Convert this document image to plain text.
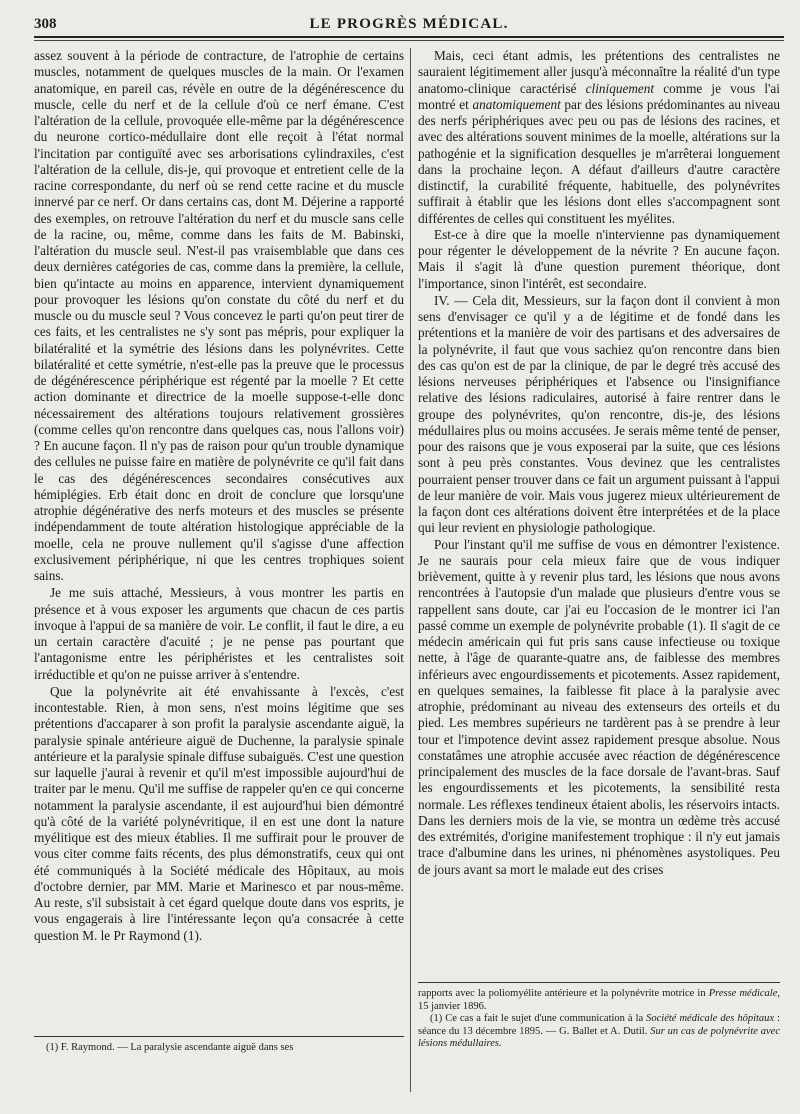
308	LE PROGRÈS MÉDICAL.

assez souvent à la période de contracture, de l'atrophie de certains muscles, notamment de quelques muscles de la main. Or l'examen anatomique, en pareil cas, révèle en outre de la dégénérescence du muscle, celle du nerf et de la cellule d'où ce nerf émane. C'est l'altération de la cellule, provoquée elle-même par la dégénérescence du neurone cortico-médullaire dont elle reçoit à l'état normal l'incitation par contiguïté avec ses arborisations cylindraxiles, c'est l'altération de la cellule, dis-je, qui provoque et entretient celle de la racine correspondante, du nerf où se rend cette racine et du muscle innervé par ce nerf. Or dans certains cas, dont M. Déjerine a rapporté des exemples, on retrouve l'altération du nerf et du muscle sans celle de la racine, ou, même, comme dans les faits de M. Babinski, l'altération du muscle seul. N'est-il pas vraisemblable que dans ces deux dernières catégories de cas, comme dans la première, la cellule, bien qu'intacte au moins en apparence, intervient dynamiquement pour provoquer les lésions qu'on constate du côté du nerf et du muscle ou du muscle seul ? Vous concevez le parti qu'on peut tirer de ces faits, et les centralistes ne s'y sont pas mépris, pour expliquer la bilatéralité et la symétrie des lésions dans les polynévrites. Cette bilatéralité et cette symétrie, n'est-elle pas la preuve que le processus de dégénérescence périphérique est régenté par la moelle ? Et cette action dominante et directrice de la moelle suppose-t-elle donc nécessairement des altérations toujours relativement grossières (comme celles qu'on rencontre dans quelques cas, nous l'allons voir) ? En aucune façon. Il n'y pas de raison pour qu'un trouble dynamique des cellules ne puisse faire en matière de polynévrite ce qu'il fait dans le cas des dégénérescences secondaires consécutives aux hémiplégies. Erb était donc en droit de conclure que lorsqu'une atrophie dégénérative des nerfs moteurs et des muscles se présente indépendamment de toute altération histologique appréciable de la moelle, cela ne prouve nullement qu'il s'agisse d'une affection exclusivement périphérique, ni que les centres trophiques soient sains.

Je me suis attaché, Messieurs, à vous montrer les partis en présence et à vous exposer les arguments que chacun de ces partis invoque à l'appui de sa manière de voir. Le conflit, il faut le dire, a eu un certain caractère d'acuité ; je ne pense pas pourtant que l'antagonisme entre les périphéristes et les centralistes soit irréductible et qu'on ne puisse arriver à s'entendre.

Que la polynévrite ait été envahissante à l'excès, c'est incontestable. Rien, à mon sens, n'est moins légitime que ses prétentions d'accaparer à son profit la paralysie ascendante aiguë, la paralysie spinale antérieure aiguë de Duchenne, la paralysie spinale antérieure et la paralysie spinale diffuse subaiguës. C'est une question sur laquelle j'aurai à revenir et qu'il m'est impossible aujourd'hui de traiter par le menu. Qu'il me suffise de rappeler qu'en ce qui concerne notamment la paralysie ascendante, il est aujourd'hui bien démontré qu'à côté de la variété polynévritique, il en est une dont la nature myélitique est des mieux établies. Il me suffirait pour le prouver de vous citer comme faits récents, des plus démonstratifs, ceux qui ont été communiqués à la Société médicale des Hôpitaux, au mois d'octobre dernier, par MM. Marie et Marinesco et par nous-même. Au reste, s'il subsistait à cet égard quelque doute dans vos esprits, je vous engagerais à lire l'intéressante leçon qu'a consacrée à cette question M. le Pr Raymond (1).

(1) F. Raymond. — La paralysie ascendante aiguë dans ses

Mais, ceci étant admis, les prétentions des centralistes ne sauraient légitimement aller jusqu'à méconnaître la réalité d'un type anatomo-clinique caractérisé cliniquement comme je vous l'ai montré et anatomiquement par des lésions prédominantes au niveau des nerfs périphériques avec peu ou pas de lésions des racines, et avec des altérations souvent minimes de la moelle, altérations sur la pathogénie et la signification desquelles je m'arrêterai longuement dans la prochaine leçon. A défaut d'ailleurs d'autre caractère distinctif, la curabilité fréquente, habituelle, des polynévrites suffirait à établir que les lésions dont elles s'accompagnent sont différentes de celles qui constituent les myélites.

Est-ce à dire que la moelle n'intervienne pas dynamiquement pour régenter le développement de la névrite ? En aucune façon. Mais il s'agit là d'une question purement théorique, dont l'importance, sinon l'intérêt, est secondaire.

IV. — Cela dit, Messieurs, sur la façon dont il convient à mon sens d'envisager ce qu'il y a de légitime et de fondé dans les prétentions et la manière de voir des partisans et des adversaires de la polynévrite, il faut que vous sachiez qu'on rencontre dans bien des cas qu'on est de par la clinique, de par le degré très accusé des lésions nerveuses périphériques et l'absence ou l'insignifiance relative des lésions radiculaires, autorisé à faire rentrer dans le groupe des polynévrites, qu'on rencontre, dis-je, des lésions médullaires plus ou moins accusées. Je serais même tenté de penser, pour des raisons que je vous exposerai par la suite, que ces lésions sont à peu près constantes. Vous devinez que les centralistes pourraient penser trouver dans ce fait un argument puissant à l'appui de leur manière de voir. Mais vous jugerez mieux ultérieurement de la façon dont ces altérations doivent être interprétées et de la place qui leur revient en physiologie pathologique.

Pour l'instant qu'il me suffise de vous en démontrer l'existence. Je ne saurais pour cela mieux faire que de vous indiquer brièvement, quitte à y revenir plus tard, les lésions que nous avons rencontrées à l'autopsie d'un malade que plusieurs d'entre vous se rappellent sans doute, car j'ai eu l'occasion de le montrer ici l'an passé comme un exemple de polynévrite probable (1). Il s'agit de ce médecin américain qui fut pris sans cause infectieuse ou toxique nette, à l'âge de quarante-quatre ans, de faiblesse des membres inférieurs avec engourdissements et picotements. Assez rapidement, en quelques semaines, la faiblesse fit place à la paralysie avec atrophie, prédominant au niveau des extenseurs des orteils et du pied. Les membres supérieurs ne tardèrent pas à se prendre à leur tour et l'impotence devint assez rapidement presque absolue. Nous constatâmes une atrophie accusée avec réaction de dégénérescence principalement des muscles de la face dorsale de l'avant-bras. Sauf les engourdissements et les picotements, la sensibilité resta normale. Les réflexes tendineux étaient abolis, les réservoirs intacts. Dans les derniers mois de la vie, se montra un œdème très accusé des extrémités, d'origine manifestement trophique : il n'y eut jamais trace d'albumine dans les urines, ni phénomènes asystoliques. Peu de jours avant sa mort le malade eut des crises

rapports avec la poliomyélite antérieure et la polynévrite motrice in Presse médicale, 15 janvier 1896.

(1) Ce cas a fait le sujet d'une communication à la Société médicale des hôpitaux : séance du 13 décembre 1895. — G. Ballet et A. Dutil. Sur un cas de polynévrite avec lésions médullaires.
